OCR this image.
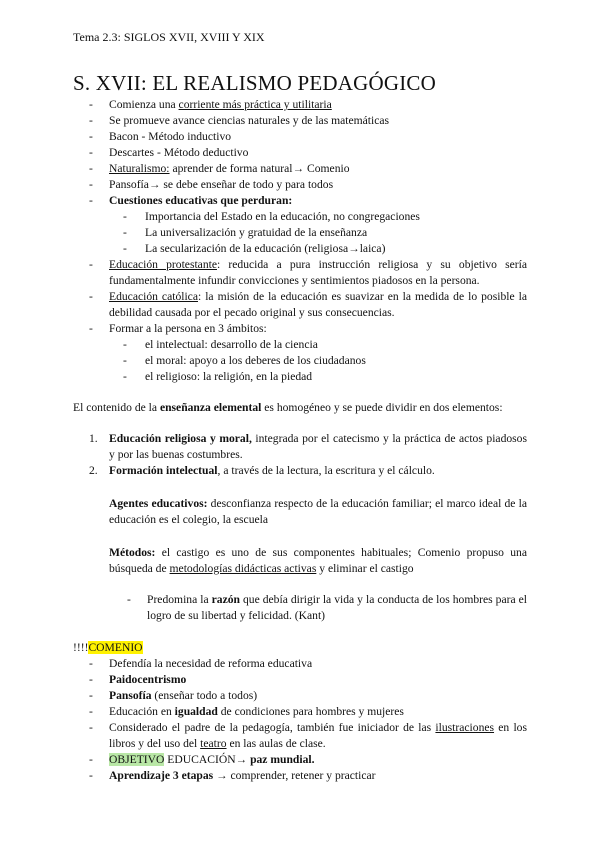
Tema 2.3: SIGLOS XVII, XVIII Y XIX
S. XVII: EL REALISMO PEDAGÓGICO
- Comienza una corriente más práctica y utilitaria
- Se promueve avance ciencias naturales y de las matemáticas
- Bacon - Método inductivo
- Descartes - Método deductivo
- Naturalismo: aprender de forma natural→ Comenio
- Pansofía→ se debe enseñar de todo y para todos
- Cuestiones educativas que perduran:
- Importancia del Estado en la educación, no congregaciones
- La universalización y gratuidad de la enseñanza
- La secularización de la educación (religiosa→laica)
- Educación protestante: reducida a pura instrucción religiosa y su objetivo sería fundamentalmente infundir convicciones y sentimientos piadosos en la persona.
- Educación católica: la misión de la educación es suavizar en la medida de lo posible la debilidad causada por el pecado original y sus consecuencias.
- Formar a la persona en 3 ámbitos:
- el intelectual: desarrollo de la ciencia
- el moral: apoyo a los deberes de los ciudadanos
- el religioso: la religión, en la piedad
El contenido de la enseñanza elemental es homogéneo y se puede dividir en dos elementos:
1. Educación religiosa y moral, integrada por el catecismo y la práctica de actos piadosos y por las buenas costumbres.
2. Formación intelectual, a través de la lectura, la escritura y el cálculo.
Agentes educativos: desconfianza respecto de la educación familiar; el marco ideal de la educación es el colegio, la escuela
Métodos: el castigo es uno de sus componentes habituales; Comenio propuso una búsqueda de metodologías didácticas activas y eliminar el castigo
- Predomina la razón que debía dirigir la vida y la conducta de los hombres para el logro de su libertad y felicidad. (Kant)
!!!!COMENIO
- Defendía la necesidad de reforma educativa
- Paidocentrismo
- Pansofía (enseñar todo a todos)
- Educación en igualdad de condiciones para hombres y mujeres
- Considerado el padre de la pedagogía, también fue iniciador de las ilustraciones en los libros y del uso del teatro en las aulas de clase.
- OBJETIVO EDUCACIÓN→ paz mundial.
- Aprendizaje 3 etapas → comprender, retener y practicar
